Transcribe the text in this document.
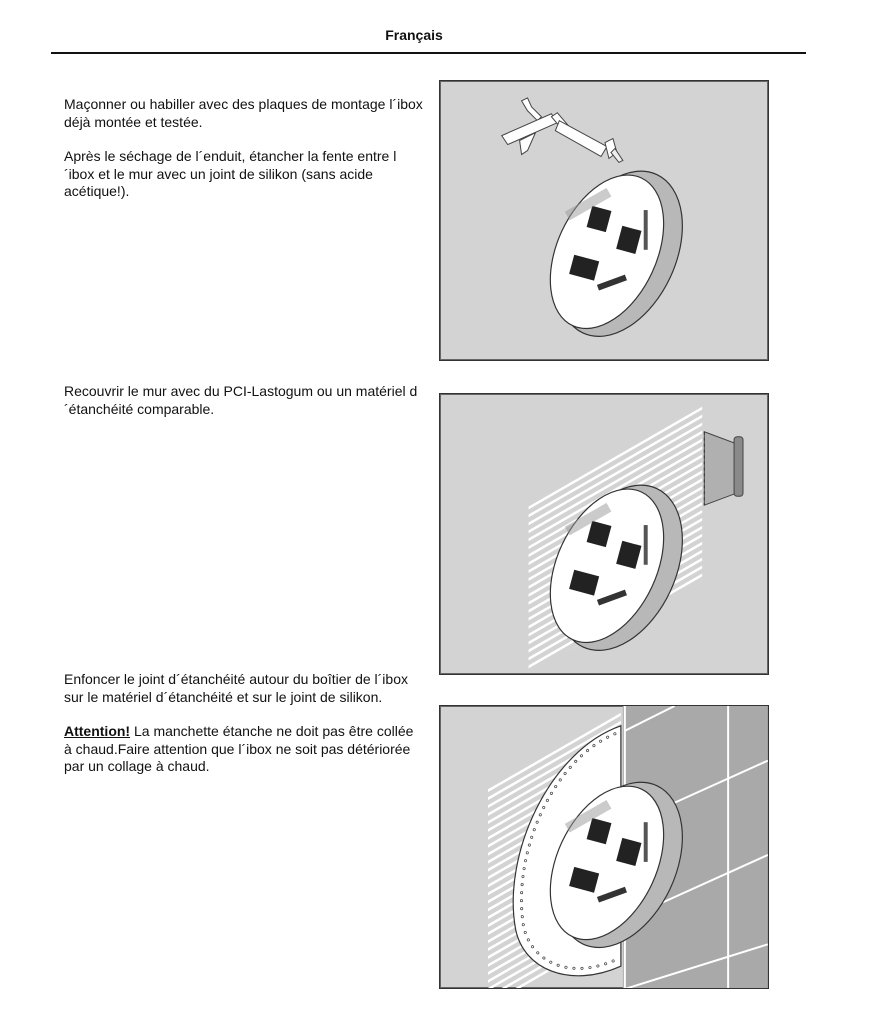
Français

Maçonner ou habiller avec des plaques de montage l´ibox déjà montée et testée.

Après le séchage de l´enduit, étancher la fente entre l´ibox et le mur avec un joint de silikon (sans acide acétique!).

Recouvrir le mur avec du PCI-Lastogum ou un matériel d´étanchéité comparable.

Enfoncer le joint d´étanchéité autour du boîtier de l´ibox sur le matériel d´étanchéité et sur le joint de silikon.

Attention! La manchette étanche ne doit pas être collée à chaud.Faire attention que l´ibox ne soit pas détériorée par un collage à chaud.
